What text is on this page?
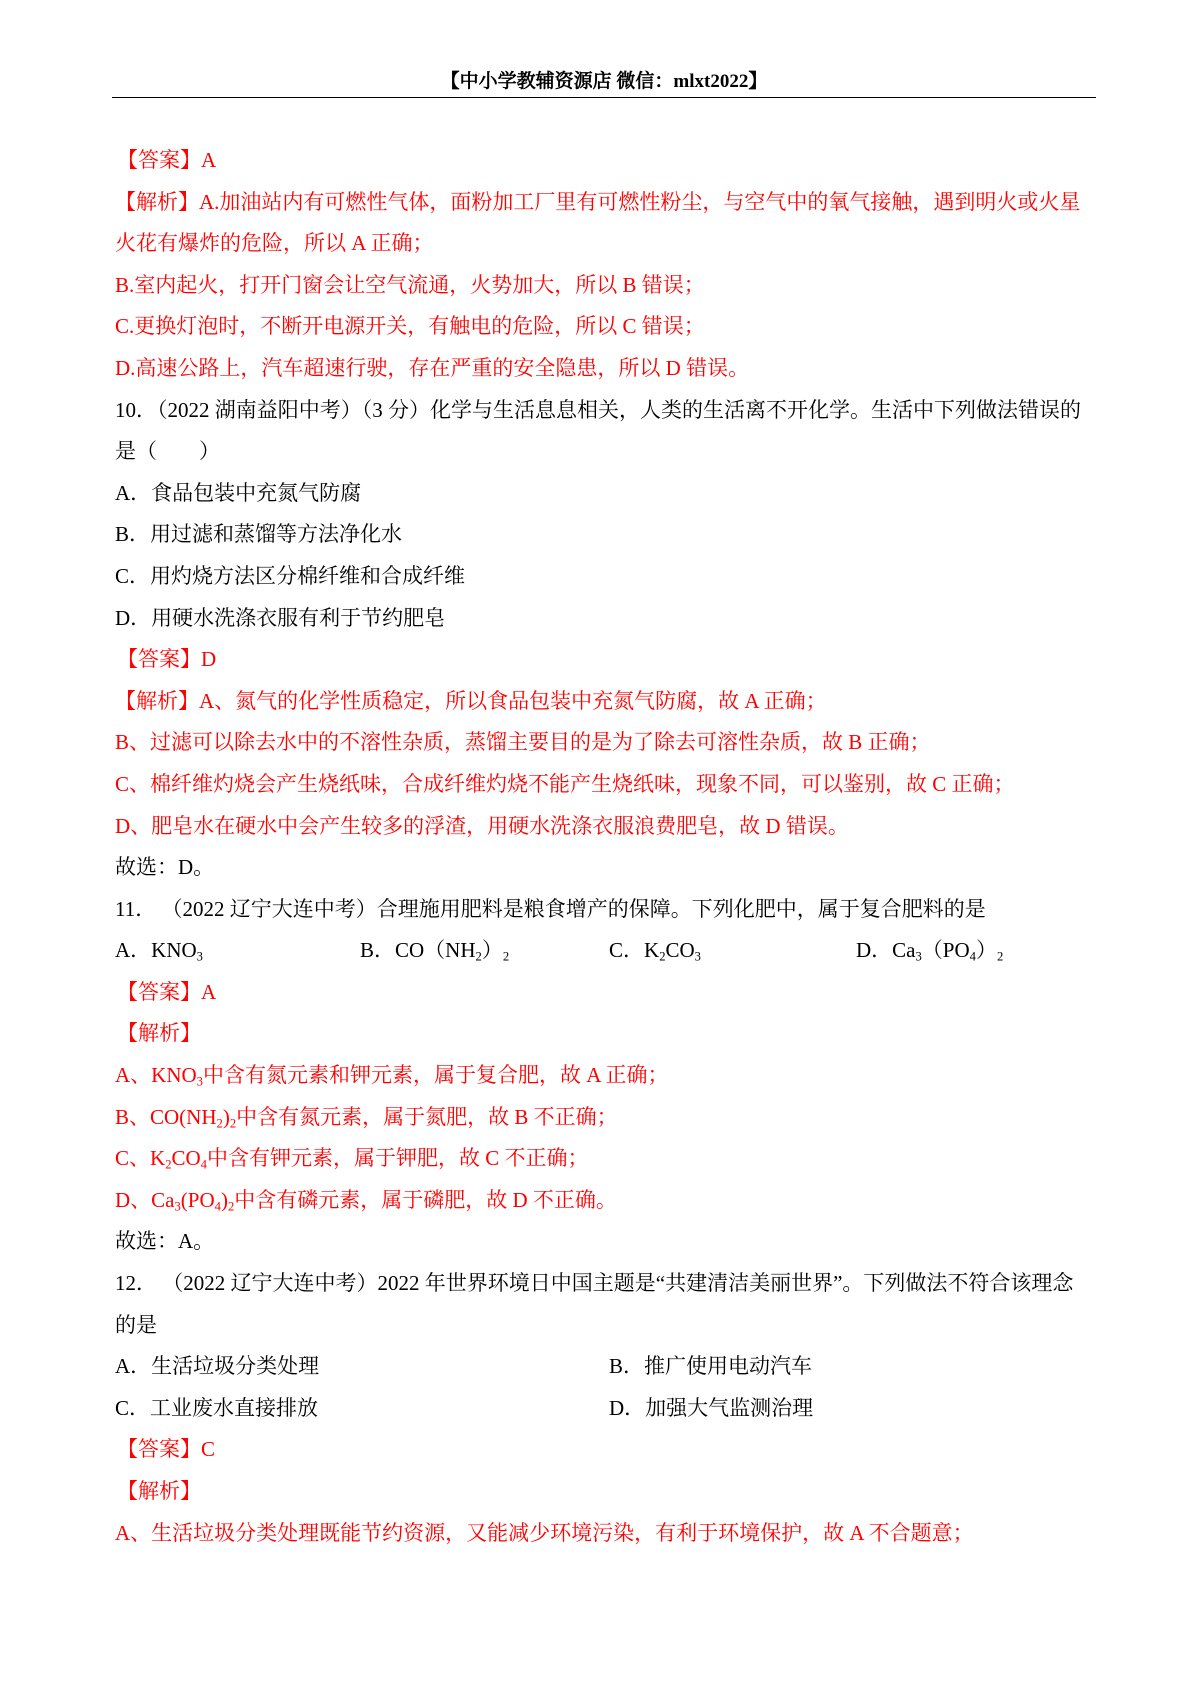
【中小学教辅资源店 微信：mlxt2022】
【答案】A
【解析】A.加油站内有可燃性气体，面粉加工厂里有可燃性粉尘，与空气中的氧气接触，遇到明火或火星
火花有爆炸的危险，所以 A 正确；
B.室内起火，打开门窗会让空气流通，火势加大，所以 B 错误；
C.更换灯泡时，不断开电源开关，有触电的危险，所以 C 错误；
D.高速公路上，汽车超速行驶，存在严重的安全隐患，所以 D 错误。
10．（2022 湖南益阳中考）（3 分）化学与生活息息相关，人类的生活离不开化学。生活中下列做法错误的
是（　　）
A．食品包装中充氮气防腐
B．用过滤和蒸馏等方法净化水
C．用灼烧方法区分棉纤维和合成纤维
D．用硬水洗涤衣服有利于节约肥皂
【答案】D
【解析】A、氮气的化学性质稳定，所以食品包装中充氮气防腐，故 A 正确；
B、过滤可以除去水中的不溶性杂质，蒸馏主要目的是为了除去可溶性杂质，故 B 正确；
C、棉纤维灼烧会产生烧纸味，合成纤维灼烧不能产生烧纸味，现象不同，可以鉴别，故 C 正确；
D、肥皂水在硬水中会产生较多的浮渣，用硬水洗涤衣服浪费肥皂，故 D 错误。
故选：D。
11． （2022 辽宁大连中考）合理施用肥料是粮食增产的保障。下列化肥中，属于复合肥料的是
A．$KNO_3$	B．$CO(NH_2)_2$	C．$K_2CO_3$	D．$Ca_3(PO_4)_2$
【答案】A
【解析】
A、$KNO_3$中含有氮元素和钾元素，属于复合肥，故 A 正确；
B、$CO(NH_2)_2$中含有氮元素，属于氮肥，故 B 不正确；
C、$K_2CO_4$中含有钾元素，属于钾肥，故 C 不正确；
D、$Ca_3(PO_4)_2$中含有磷元素，属于磷肥，故 D 不正确。
故选：A。
12． （2022 辽宁大连中考）2022 年世界环境日中国主题是“共建清洁美丽世界”。下列做法不符合该理念
的是
A．生活垃圾分类处理	B．推广使用电动汽车
C．工业废水直接排放	D．加强大气监测治理
【答案】C
【解析】
A、生活垃圾分类处理既能节约资源，又能减少环境污染，有利于环境保护，故 A 不合题意；
